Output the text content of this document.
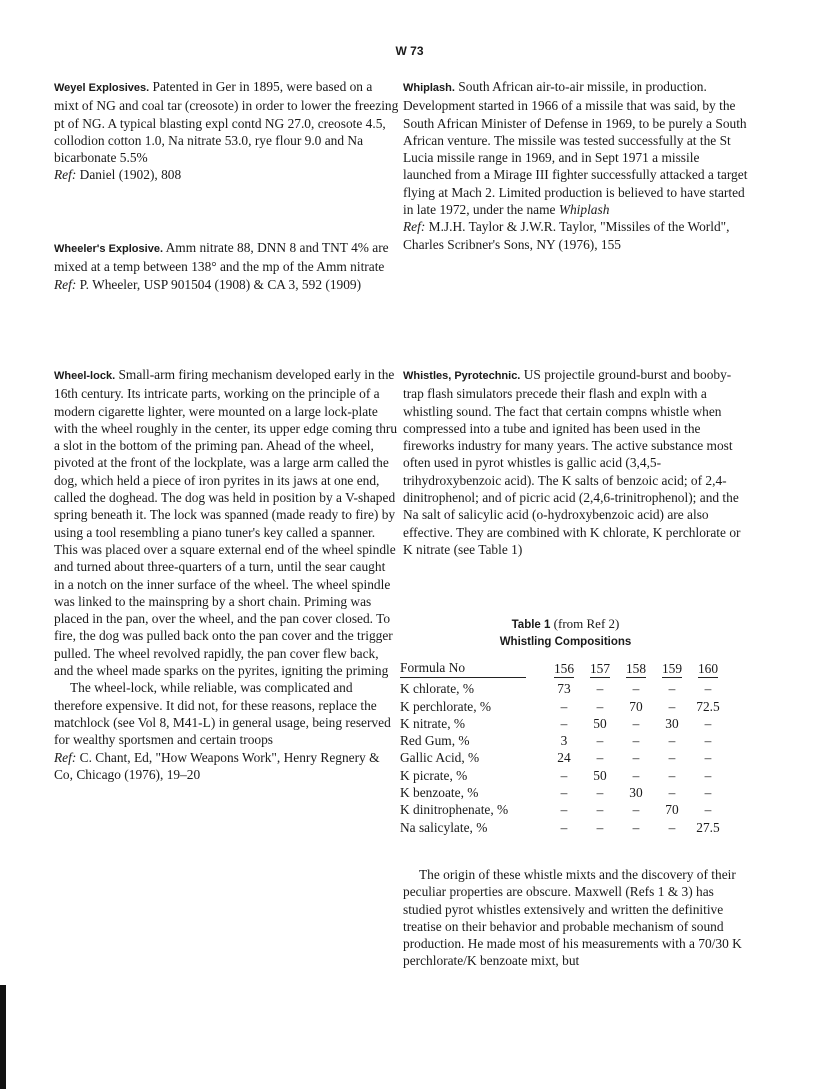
W 73

Weyel Explosives. Patented in Ger in 1895, were based on a mixt of NG and coal tar (creosote) in order to lower the freezing pt of NG. A typical blasting expl contd NG 27.0, creosote 4.5, collodion cotton 1.0, Na nitrate 53.0, rye flour 9.0 and Na bicarbonate 5.5%

Ref: Daniel (1902), 808

Wheeler's Explosive. Amm nitrate 88, DNN 8 and TNT 4% are mixed at a temp between 138° and the mp of the Amm nitrate

Ref: P. Wheeler, USP 901504 (1908) & CA 3, 592 (1909)

Wheel-lock. Small-arm firing mechanism developed early in the 16th century. Its intricate parts, working on the principle of a modern cigarette lighter, were mounted on a large lock-plate with the wheel roughly in the center, its upper edge coming thru a slot in the bottom of the priming pan. Ahead of the wheel, pivoted at the front of the lockplate, was a large arm called the dog, which held a piece of iron pyrites in its jaws at one end, called the doghead. The dog was held in position by a V-shaped spring beneath it. The lock was spanned (made ready to fire) by using a tool resembling a piano tuner's key called a spanner. This was placed over a square external end of the wheel spindle and turned about three-quarters of a turn, until the sear caught in a notch on the inner surface of the wheel. The wheel spindle was linked to the mainspring by a short chain. Priming was placed in the pan, over the wheel, and the pan cover closed. To fire, the dog was pulled back onto the pan cover and the trigger pulled. The wheel revolved rapidly, the pan cover flew back, and the wheel made sparks on the pyrites, igniting the priming

The wheel-lock, while reliable, was complicated and therefore expensive. It did not, for these reasons, replace the matchlock (see Vol 8, M41-L) in general usage, being reserved for wealthy sportsmen and certain troops

Ref: C. Chant, Ed, "How Weapons Work", Henry Regnery & Co, Chicago (1976), 19–20

Whiplash. South African air-to-air missile, in production. Development started in 1966 of a missile that was said, by the South African Minister of Defense in 1969, to be purely a South African venture. The missile was tested successfully at the St Lucia missile range in 1969, and in Sept 1971 a missile launched from a Mirage III fighter successfully attacked a target flying at Mach 2. Limited production is believed to have started in late 1972, under the name Whiplash

Ref: M.J.H. Taylor & J.W.R. Taylor, "Missiles of the World", Charles Scribner's Sons, NY (1976), 155

Whistles, Pyrotechnic. US projectile ground-burst and booby-trap flash simulators precede their flash and expln with a whistling sound. The fact that certain compns whistle when compressed into a tube and ignited has been used in the fireworks industry for many years. The active substance most often used in pyrot whistles is gallic acid (3,4,5-trihydroxybenzoic acid). The K salts of benzoic acid; of 2,4-dinitrophenol; and of picric acid (2,4,6-trinitrophenol); and the Na salt of salicylic acid (o-hydroxybenzoic acid) are also effective. They are combined with K chlorate, K perchlorate or K nitrate (see Table 1)

Table 1 (from Ref 2)
Whistling Compositions
Formula No	156	157	158	159	160
K chlorate, %	73	–	–	–	–
K perchlorate, %	–	–	70	–	72.5
K nitrate, %	–	50	–	30	–
Red Gum, %	3	–	–	–	–
Gallic Acid, %	24	–	–	–	–
K picrate, %	–	50	–	–	–
K benzoate, %	–	–	30	–	–
K dinitrophenate, %	–	–	–	70	–
Na salicylate, %	–	–	–	–	27.5

The origin of these whistle mixts and the discovery of their peculiar properties are obscure. Maxwell (Refs 1 & 3) has studied pyrot whistles extensively and written the definitive treatise on their behavior and probable mechanism of sound production. He made most of his measurements with a 70/30 K perchlorate/K benzoate mixt, but
